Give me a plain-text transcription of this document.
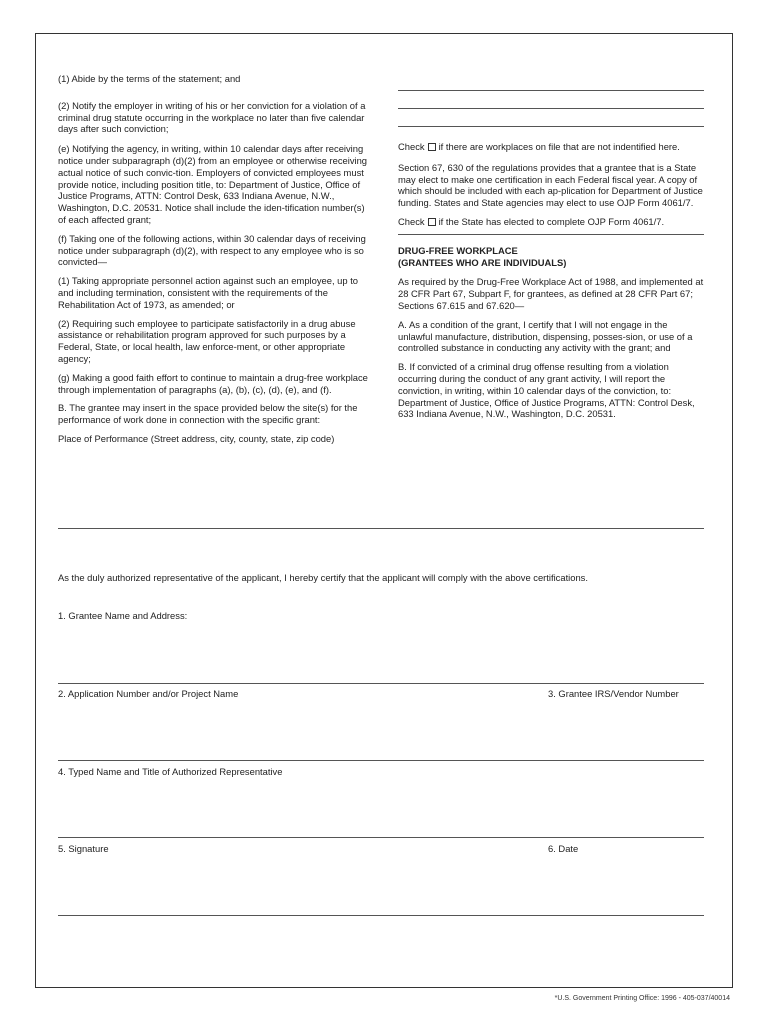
(1) Abide by the terms of the statement; and

(2) Notify the employer in writing of his or her conviction for a violation of a criminal drug statute occurring in the workplace no later than five calendar days after such conviction;

(e) Notifying the agency, in writing, within 10 calendar days after receiving notice under subparagraph (d)(2) from an employee or otherwise receiving actual notice of such convic-tion. Employers of convicted employees must provide notice, including position title, to: Department of Justice, Office of Justice Programs, ATTN: Control Desk, 633 Indiana Avenue, N.W., Washington, D.C. 20531. Notice shall include the iden-tification number(s) of each affected grant;

(f) Taking one of the following actions, within 30 calendar days of receiving notice under subparagraph (d)(2), with respect to any employee who is so convicted—

(1) Taking appropriate personnel action against such an employee, up to and including termination, consistent with the requirements of the Rehabilitation Act of 1973, as amended; or

(2) Requiring such employee to participate satisfactorily in a drug abuse assistance or rehabilitation program approved for such purposes by a Federal, State, or local health, law enforce-ment, or other appropriate agency;

(g) Making a good faith effort to continue to maintain a drug-free workplace through implementation of paragraphs (a), (b), (c), (d), (e), and (f).

B. The grantee may insert in the space provided below the site(s) for the performance of work done in connection with the specific grant:

Place of Performance (Street address, city, county, state, zip code)

Check if there are workplaces on file that are not indentified here.

Section 67, 630 of the regulations provides that a grantee that is a State may elect to make one certification in each Federal fiscal year. A copy of which should be included with each ap-plication for Department of Justice funding. States and State agencies may elect to use OJP Form 4061/7.

Check if the State has elected to complete OJP Form 4061/7.

DRUG-FREE WORKPLACE

(GRANTEES WHO ARE INDIVIDUALS)

As required by the Drug-Free Workplace Act of 1988, and implemented at 28 CFR Part 67, Subpart F, for grantees, as defined at 28 CFR Part 67; Sections 67.615 and 67.620—

A. As a condition of the grant, I certify that I will not engage in the unlawful manufacture, distribution, dispensing, posses-sion, or use of a controlled substance in conducting any activity with the grant; and

B. If convicted of a criminal drug offense resulting from a violation occurring during the conduct of any grant activity, I will report the conviction, in writing, within 10 calendar days of the conviction, to: Department of Justice, Office of Justice Programs, ATTN: Control Desk, 633 Indiana Avenue, N.W., Washington, D.C. 20531.

As the duly authorized representative of the applicant, I hereby certify that the applicant will comply with the above certifications.
1. Grantee Name and Address:
2. Application Number and/or Project Name	3. Grantee IRS/Vendor Number
4. Typed Name and Title of Authorized Representative
5. Signature	6. Date
*U.S. Government Printing Office: 1996 - 405-037/40014
